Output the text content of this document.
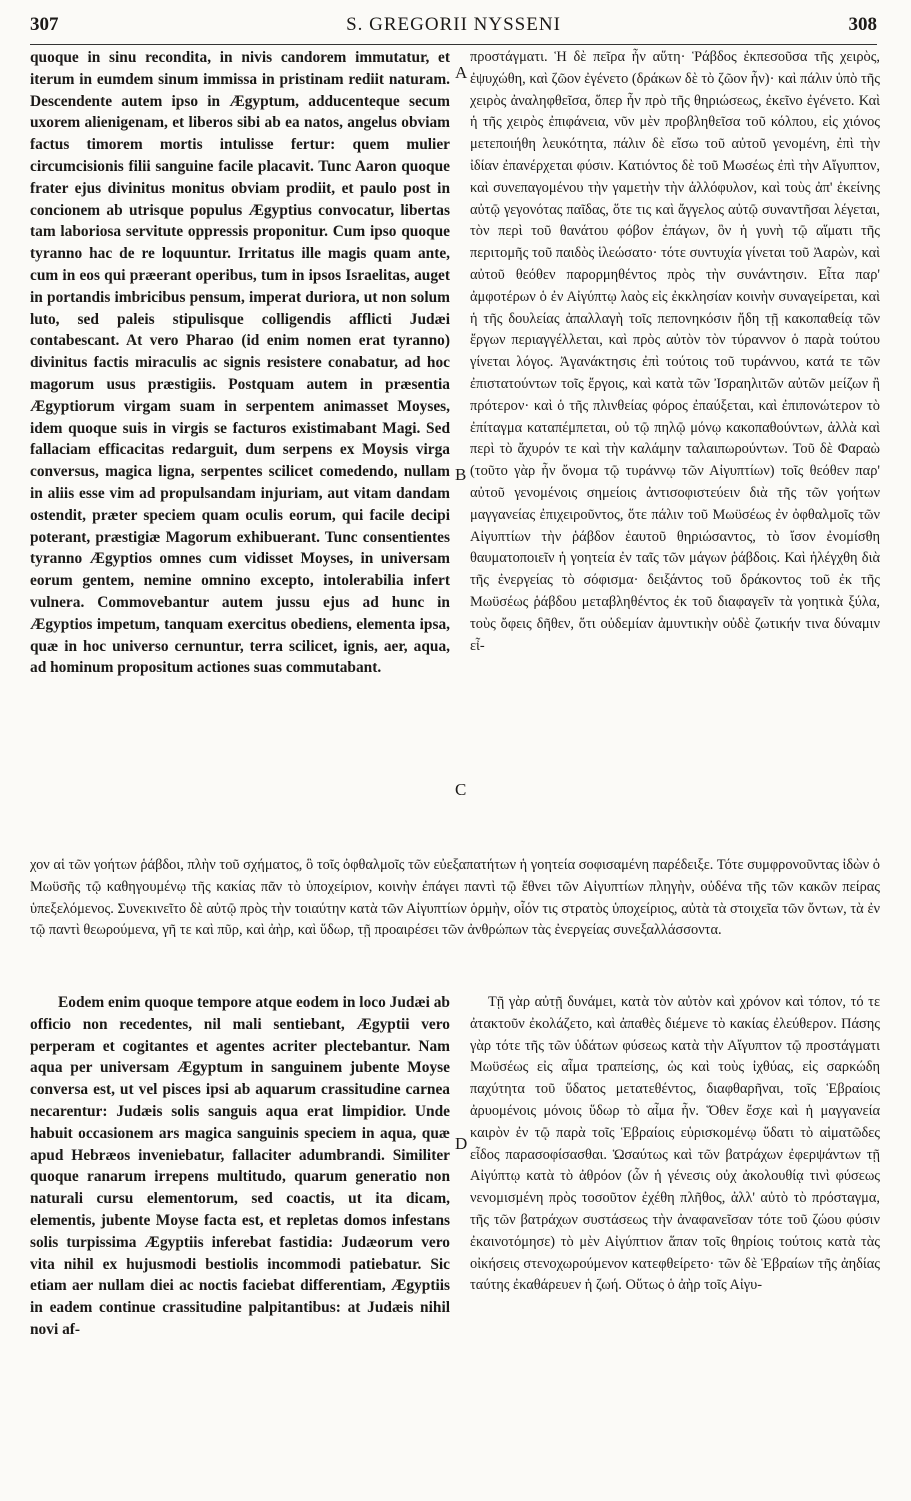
307	S. GREGORII NYSSENI	308

quoque in sinu recondita, in nivis candorem immutatur, et iterum in eumdem sinum immissa in pristinam rediit naturam. Descendente autem ipso in Ægyptum, adducenteque secum uxorem alienigenam, et liberos sibi ab ea natos, angelus obviam factus timorem mortis intulisse fertur: quem mulier circumcisionis filii sanguine facile placavit. Tunc Aaron quoque frater ejus divinitus monitus obviam prodiit, et paulo post in concionem ab utrisque populus Ægyptius convocatur, libertas tam laboriosa servitute oppressis proponitur. Cum ipso quoque tyranno hac de re loquuntur. Irritatus ille magis quam ante, cum in eos qui præerant operibus, tum in ipsos Israelitas, auget in portandis imbricibus pensum, imperat duriora, ut non solum luto, sed paleis stipulisque colligendis afflicti Judæi contabescant. At vero Pharao (id enim nomen erat tyranno) divinitus factis miraculis ac signis resistere conabatur, ad hoc magorum usus præstigiis. Postquam autem in præsentia Ægyptiorum virgam suam in serpentem animasset Moyses, idem quoque suis in virgis se facturos existimabant Magi. Sed fallaciam efficacitas redarguit, dum serpens ex Moysis virga conversus, magica ligna, serpentes scilicet comedendo, nullam in aliis esse vim ad propulsandam injuriam, aut vitam dandam ostendit, præter speciem quam oculis eorum, qui facile decipi poterant, præstigiæ Magorum exhibuerant. Tunc consentientes tyranno Ægyptios omnes cum vidisset Moyses, in universam eorum gentem, nemine omnino excepto, intolerabilia infert vulnera. Commovebantur autem jussu ejus ad hunc in Ægyptios impetum, tanquam exercitus obediens, elementa ipsa, quæ in hoc universo cernuntur, terra scilicet, ignis, aer, aqua, ad hominum propositum actiones suas commutabant.

προστάγματι. Ἡ δὲ πεῖρα ἦν αὕτη· Ῥάβδος ἐκπεσοῦσα τῆς χειρὸς, ἐψυχώθη, καὶ ζῶον ἐγένετο (δράκων δὲ τὸ ζῶον ἦν)· καὶ πάλιν ὑπὸ τῆς χειρὸς ἀναληφθεῖσα, ὅπερ ἦν πρὸ τῆς θηριώσεως, ἐκεῖνο ἐγένετο. Καὶ ἡ τῆς χειρὸς ἐπιφάνεια, νῦν μὲν προβληθεῖσα τοῦ κόλπου, εἰς χιόνος μετεποιήθη λευκότητα, πάλιν δὲ εἴσω τοῦ αὐτοῦ γενομένη, ἐπὶ τὴν ἰδίαν ἐπανέρχεται φύσιν. Κατιόντος δὲ τοῦ Μωσέως ἐπὶ τὴν Αἴγυπτον, καὶ συνεπαγομένου τὴν γαμετὴν τὴν ἀλλόφυλον, καὶ τοὺς ἀπ' ἐκείνης αὐτῷ γεγονότας παῖδας, ὅτε τις καὶ ἄγγελος αὐτῷ συναντῆσαι λέγεται, τὸν περὶ τοῦ θανάτου φόβον ἐπάγων, ὃν ἡ γυνὴ τῷ αἵματι τῆς περιτομῆς τοῦ παιδὸς ἱλεώσατο· τότε συντυχία γίνεται τοῦ Ἀαρὼν, καὶ αὐτοῦ θεόθεν παρορμηθέντος πρὸς τὴν συνάντησιν. Εἶτα παρ' ἀμφοτέρων ὁ ἐν Αἰγύπτῳ λαὸς εἰς ἐκκλησίαν κοινὴν συναγείρεται, καὶ ἡ τῆς δουλείας ἀπαλλαγὴ τοῖς πεπονηκόσιν ἤδη τῇ κακοπαθείᾳ τῶν ἔργων περιαγγέλλεται, καὶ πρὸς αὐτὸν τὸν τύραννον ὁ παρὰ τούτου γίνεται λόγος. Ἀγανάκτησις ἐπὶ τούτοις τοῦ τυράννου, κατά τε τῶν ἐπιστατούντων τοῖς ἔργοις, καὶ κατὰ τῶν Ἰσραηλιτῶν αὐτῶν μείζων ἢ πρότερον· καὶ ὁ τῆς πλινθείας φόρος ἐπαύξεται, καὶ ἐπιπονώτερον τὸ ἐπίταγμα καταπέμπεται, οὐ τῷ πηλῷ μόνῳ κακοπαθούντων, ἀλλὰ καὶ περὶ τὸ ἄχυρόν τε καὶ τὴν καλάμην ταλαιπωρούντων. Τοῦ δὲ Φαραὼ (τοῦτο γὰρ ἦν ὄνομα τῷ τυράννῳ τῶν Αἰγυπτίων) τοῖς θεόθεν παρ' αὐτοῦ γενομένοις σημείοις ἀντισοφιστεύειν διὰ τῆς τῶν γοήτων μαγγανείας ἐπιχειροῦντος, ὅτε πάλιν τοῦ Μωϋσέως ἐν ὀφθαλμοῖς τῶν Αἰγυπτίων τὴν ῥάβδον ἑαυτοῦ θηριώσαντος, τὸ ἴσον ἐνομίσθη θαυματοποιεῖν ἡ γοητεία ἐν ταῖς τῶν μάγων ῥάβδοις. Καὶ ἠλέγχθη διὰ τῆς ἐνεργείας τὸ σόφισμα· δειξάντος τοῦ δράκοντος τοῦ ἐκ τῆς Μωϋσέως ῥάβδου μεταβληθέντος ἐκ τοῦ διαφαγεῖν τὰ γοητικὰ ξύλα, τοὺς ὄφεις δῆθεν, ὅτι οὐδεμίαν ἀμυντικὴν οὐδὲ ζωτικήν τινα δύναμιν εἶ-

A
B
C
D

χον αἱ τῶν γοήτων ῥάβδοι, πλὴν τοῦ σχήματος, ὃ τοῖς ὀφθαλμοῖς τῶν εὐεξαπατήτων ἡ γοητεία σοφισαμένη παρέδειξε. Τότε συμφρονοῦντας ἰδὼν ὁ Μωϋσῆς τῷ καθηγουμένῳ τῆς κακίας πᾶν τὸ ὑποχείριον, κοινὴν ἐπάγει παντὶ τῷ ἔθνει τῶν Αἰγυπτίων πληγὴν, οὐδένα τῆς τῶν κακῶν πείρας ὑπεξελόμενος. Συνεκινεῖτο δὲ αὐτῷ πρὸς τὴν τοιαύτην κατὰ τῶν Αἰγυπτίων ὁρμὴν, οἷόν τις στρατὸς ὑποχείριος, αὐτὰ τὰ στοιχεῖα τῶν ὄντων, τὰ ἐν τῷ παντὶ θεωρούμενα, γῆ τε καὶ πῦρ, καὶ ἀὴρ, καὶ ὕδωρ, τῇ προαιρέσει τῶν ἀνθρώπων τὰς ἐνεργείας συνεξαλλάσσοντα.

Eodem enim quoque tempore atque eodem in loco Judæi ab officio non recedentes, nil mali sentiebant, Ægyptii vero perperam et cogitantes et agentes acriter plectebantur. Nam aqua per universam Ægyptum in sanguinem jubente Moyse conversa est, ut vel pisces ipsi ab aquarum crassitudine carnea necarentur: Judæis solis sanguis aqua erat limpidior. Unde habuit occasionem ars magica sanguinis speciem in aqua, quæ apud Hebræos inveniebatur, fallaciter adumbrandi. Similiter quoque ranarum irrepens multitudo, quarum generatio non naturali cursu elementorum, sed coactis, ut ita dicam, elementis, jubente Moyse facta est, et repletas domos infestans solis turpissima Ægyptiis inferebat fastidia: Judæorum vero vita nihil ex hujusmodi bestiolis incommodi patiebatur. Sic etiam aer nullam diei ac noctis faciebat differentiam, Ægyptiis in eadem continue crassitudine palpitantibus: at Judæis nihil novi af-

Τῇ γὰρ αὐτῇ δυνάμει, κατὰ τὸν αὐτὸν καὶ χρόνον καὶ τόπον, τό τε ἀτακτοῦν ἐκολάζετο, καὶ ἀπαθὲς διέμενε τὸ κακίας ἐλεύθερον. Πάσης γὰρ τότε τῆς τῶν ὑδάτων φύσεως κατὰ τὴν Αἴγυπτον τῷ προστάγματι Μωϋσέως εἰς αἷμα τραπείσης, ὡς καὶ τοὺς ἰχθύας, εἰς σαρκώδη παχύτητα τοῦ ὕδατος μετατεθέντος, διαφθαρῆναι, τοῖς Ἑβραίοις ἀρυομένοις μόνοις ὕδωρ τὸ αἷμα ἦν. Ὅθεν ἔσχε καὶ ἡ μαγγανεία καιρὸν ἐν τῷ παρὰ τοῖς Ἑβραίοις εὑρισκομένῳ ὕδατι τὸ αἱματῶδες εἶδος παρασοφίσασθαι. Ὡσαύτως καὶ τῶν βατράχων ἐφερψάντων τῇ Αἰγύπτῳ κατὰ τὸ ἀθρόον (ὧν ἡ γένεσις οὐχ ἀκολουθίᾳ τινὶ φύσεως νενομισμένη πρὸς τοσοῦτον ἐχέθη πλῆθος, ἀλλ' αὐτὸ τὸ πρόσταγμα, τῆς τῶν βατράχων συστάσεως τὴν ἀναφανεῖσαν τότε τοῦ ζώου φύσιν ἐκαινοτόμησε) τὸ μὲν Αἰγύπτιον ἅπαν τοῖς θηρίοις τούτοις κατὰ τὰς οἰκήσεις στενοχωρούμενον κατεφθείρετο· τῶν δὲ Ἑβραίων τῆς ἀηδίας ταύτης ἐκαθάρευεν ἡ ζωή. Οὕτως ὁ ἀὴρ τοῖς Αἰγυ-
